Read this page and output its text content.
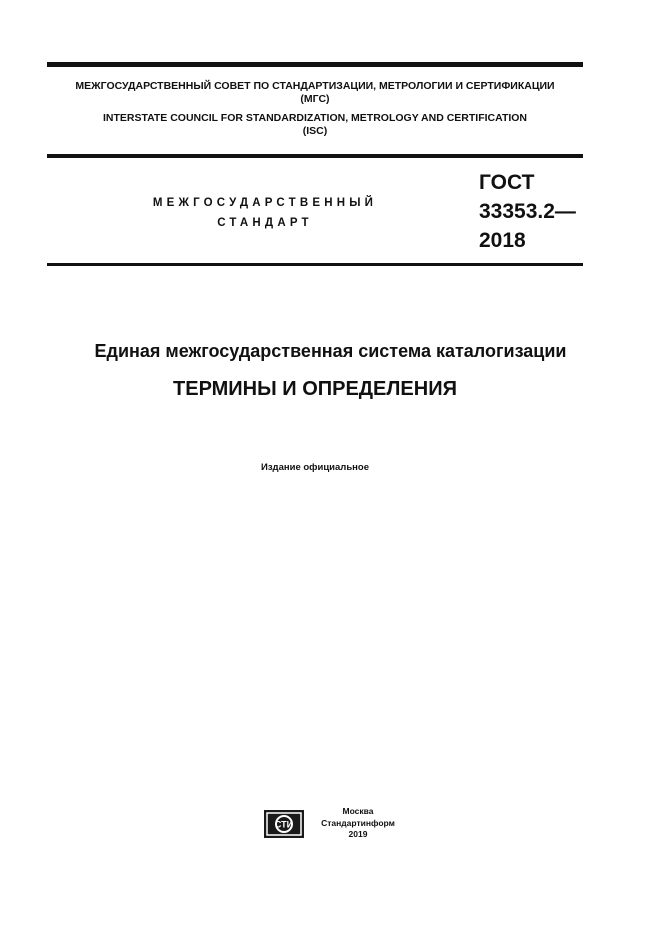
МЕЖГОСУДАРСТВЕННЫЙ СОВЕТ ПО СТАНДАРТИЗАЦИИ, МЕТРОЛОГИИ И СЕРТИФИКАЦИИ
(МГС)
INTERSTATE COUNCIL FOR STANDARDIZATION, METROLOGY AND CERTIFICATION
(ISC)
МЕЖГОСУДАРСТВЕННЫЙ
СТАНДАРТ
ГОСТ
33353.2—
2018
Единая межгосударственная система каталогизации
ТЕРМИНЫ И ОПРЕДЕЛЕНИЯ
Издание официальное
СТИ
Москва
Стандартинформ
2019
